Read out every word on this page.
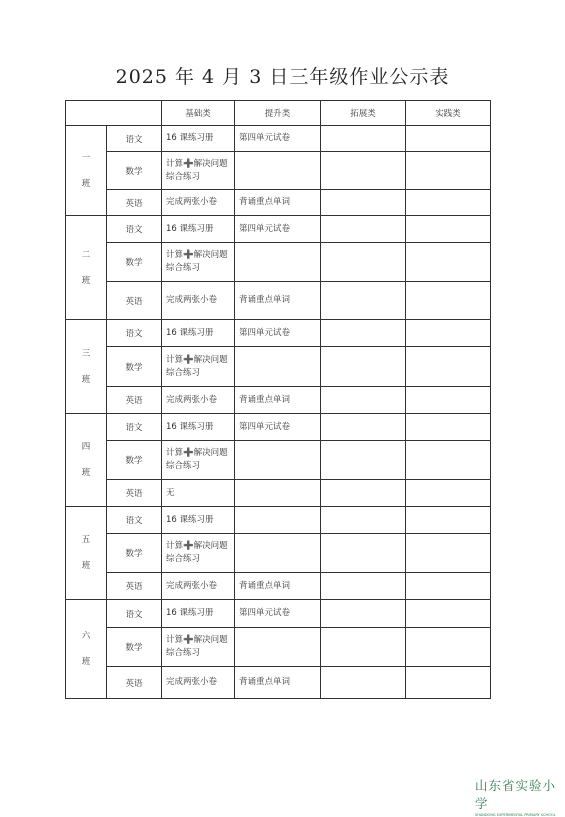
2025 年 4 月 3 日三年级作业公示表
		基础类	提升类	拓展类	实践类

一
班	语文	16 课练习册	第四单元试卷		
	数学	计算➕解决问题综合练习			
	英语	完成两张小卷	背诵重点单词		

二
班	语文	16 课练习册	第四单元试卷		
	数学	计算➕解决问题综合练习			
	英语	完成两张小卷	背诵重点单词		

三
班	语文	16 课练习册	第四单元试卷		
	数学	计算➕解决问题综合练习			
	英语	完成两张小卷	背诵重点单词		

四
班	语文	16 课练习册	第四单元试卷		
	数学	计算➕解决问题综合练习			
	英语	无			

五
班	语文	16 课练习册			
	数学	计算➕解决问题综合练习			
	英语	完成两张小卷	背诵重点单词		

六
班	语文	16 课练习册	第四单元试卷		
	数学	计算➕解决问题综合练习			
	英语	完成两张小卷	背诵重点单词		
山东省实验小学
SHANDONG EXPERIMENTAL PRIMARY SCHOOL
